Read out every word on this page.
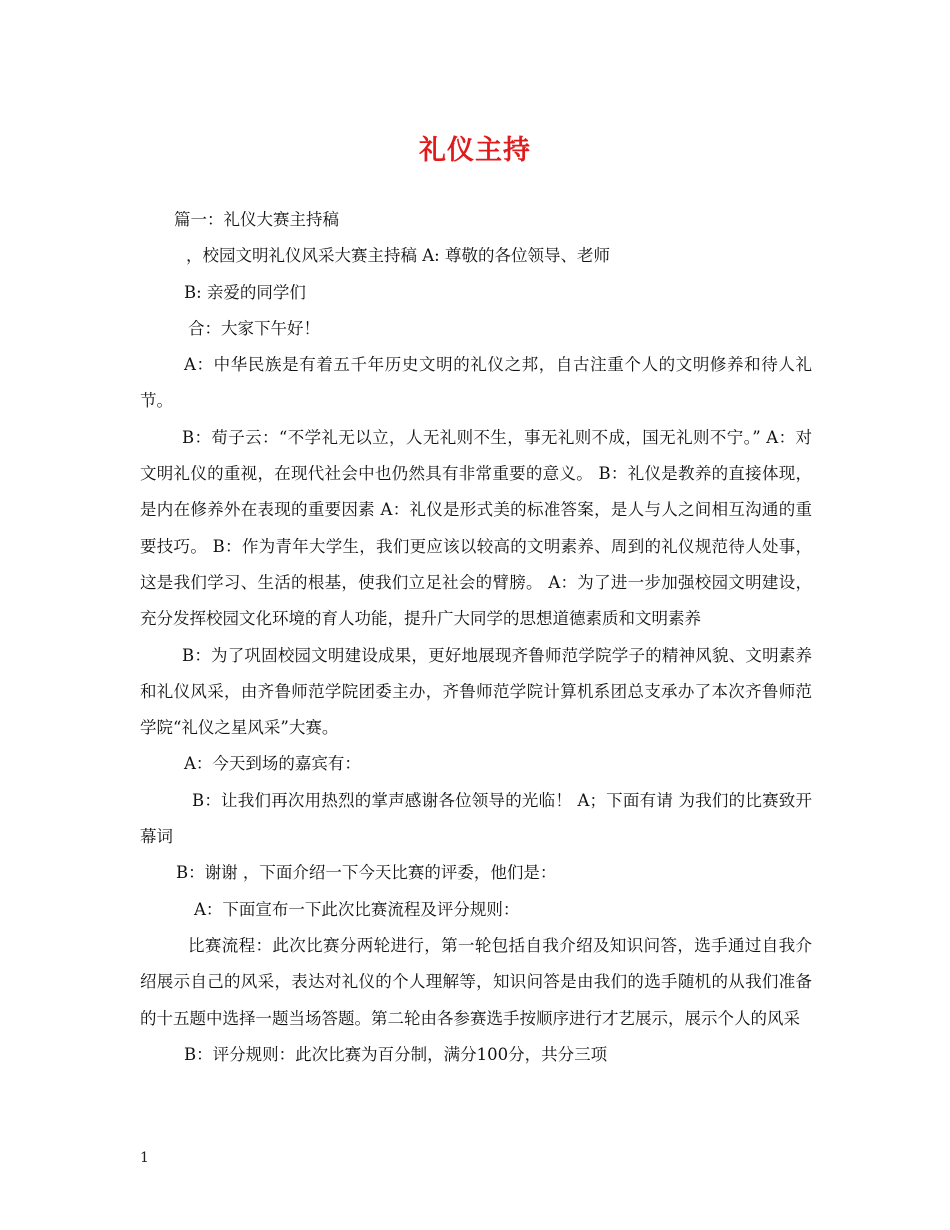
礼仪主持

篇一：礼仪大赛主持稿

，校园文明礼仪风采大赛主持稿 A: 尊敬的各位领导、老师

B: 亲爱的同学们

合：大家下午好！

A：中华民族是有着五千年历史文明的礼仪之邦，自古注重个人的文明修养和待人礼节。

B：荀子云：“不学礼无以立，人无礼则不生，事无礼则不成，国无礼则不宁。” A：对文明礼仪的重视，在现代社会中也仍然具有非常重要的意义。 B：礼仪是教养的直接体现，是内在修养外在表现的重要因素 A：礼仪是形式美的标准答案，是人与人之间相互沟通的重要技巧。 B：作为青年大学生，我们更应该以较高的文明素养、周到的礼仪规范待人处事，这是我们学习、生活的根基，使我们立足社会的臂膀。 A：为了进一步加强校园文明建设，充分发挥校园文化环境的育人功能，提升广大同学的思想道德素质和文明素养

B：为了巩固校园文明建设成果，更好地展现齐鲁师范学院学子的精神风貌、文明素养和礼仪风采，由齐鲁师范学院团委主办，齐鲁师范学院计算机系团总支承办了本次齐鲁师范学院“礼仪之星风采”大赛。

A：今天到场的嘉宾有：

B：让我们再次用热烈的掌声感谢各位领导的光临！ A；下面有请 为我们的比赛致开幕词

B：谢谢 ，下面介绍一下今天比赛的评委，他们是：

A：下面宣布一下此次比赛流程及评分规则：

比赛流程：此次比赛分两轮进行，第一轮包括自我介绍及知识问答，选手通过自我介绍展示自己的风采，表达对礼仪的个人理解等，知识问答是由我们的选手随机的从我们准备的十五题中选择一题当场答题。第二轮由各参赛选手按顺序进行才艺展示，展示个人的风采

B：评分规则：此次比赛为百分制，满分100分，共分三项

1
